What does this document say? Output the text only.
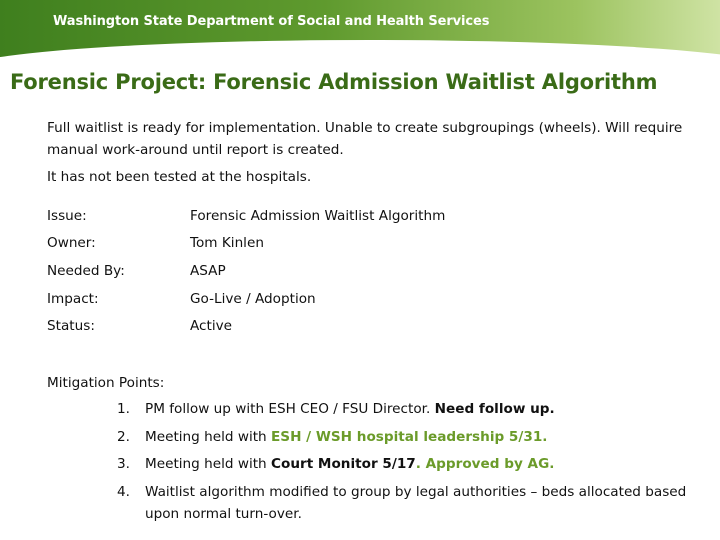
Washington State Department of Social and Health Services
Forensic Project: Forensic Admission Waitlist Algorithm
Full waitlist is ready for implementation. Unable to create subgroupings (wheels). Will require manual work-around until report is created.
It has not been tested at the hospitals.
Issue:	Forensic Admission Waitlist Algorithm
Owner:	Tom Kinlen
Needed By:	ASAP
Impact:	Go-Live / Adoption
Status:	Active
Mitigation Points:
1.	PM follow up with ESH CEO / FSU Director. Need follow up.
2.	Meeting held with ESH / WSH hospital leadership 5/31.
3.	Meeting held with Court Monitor 5/17. Approved by AG.
4.	Waitlist algorithm modified to group by legal authorities – beds allocated based upon normal turn-over.
